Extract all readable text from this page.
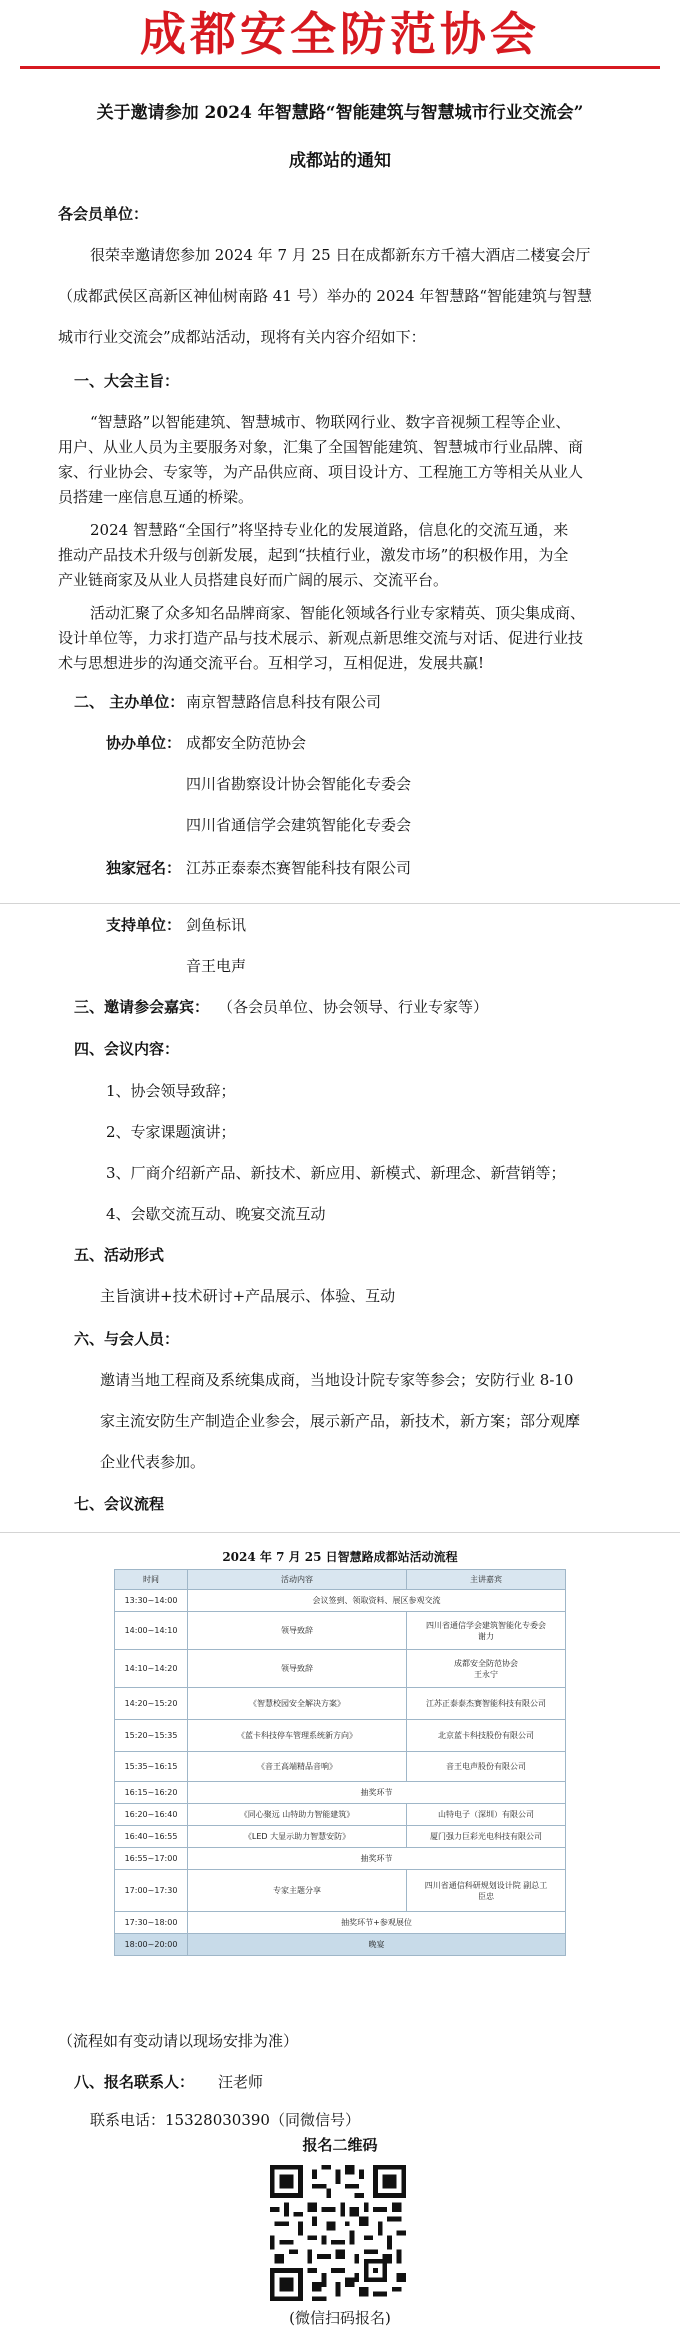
成都安全防范协会
关于邀请参加 2024 年智慧路“智能建筑与智慧城市行业交流会”
成都站的通知
各会员单位：
很荣幸邀请您参加 2024 年 7 月 25 日在成都新东方千禧大酒店二楼宴会厅
（成都武侯区高新区神仙树南路 41 号）举办的 2024 年智慧路“智能建筑与智慧
城市行业交流会”成都站活动，现将有关内容介绍如下：
一、大会主旨：
“智慧路”以智能建筑、智慧城市、物联网行业、数字音视频工程等企业、
用户、从业人员为主要服务对象，汇集了全国智能建筑、智慧城市行业品牌、商
家、行业协会、专家等，为产品供应商、项目设计方、工程施工方等相关从业人
员搭建一座信息互通的桥梁。
2024 智慧路“全国行”将坚持专业化的发展道路，信息化的交流互通，来
推动产品技术升级与创新发展，起到“扶植行业，激发市场”的积极作用，为全
产业链商家及从业人员搭建良好而广阔的展示、交流平台。
活动汇聚了众多知名品牌商家、智能化领域各行业专家精英、顶尖集成商、
设计单位等，力求打造产品与技术展示、新观点新思维交流与对话、促进行业技
术与思想进步的沟通交流平台。互相学习，互相促进，发展共赢!
二、 主办单位： 南京智慧路信息科技有限公司
协办单位： 成都安全防范协会
四川省勘察设计协会智能化专委会
四川省通信学会建筑智能化专委会
独家冠名： 江苏正泰泰杰赛智能科技有限公司
支持单位： 剑鱼标讯
音王电声
三、邀请参会嘉宾： （各会员单位、协会领导、行业专家等）
四、会议内容：
1、协会领导致辞；
2、专家课题演讲；
3、厂商介绍新产品、新技术、新应用、新模式、新理念、新营销等；
4、会歇交流互动、晚宴交流互动
五、活动形式
主旨演讲+技术研讨+产品展示、体验、互动
六、与会人员：
邀请当地工程商及系统集成商，当地设计院专家等参会；安防行业 8-10
家主流安防生产制造企业参会，展示新产品，新技术，新方案；部分观摩
企业代表参加。
七、会议流程
2024 年 7 月 25 日智慧路成都站活动流程
时间	活动内容	主讲嘉宾
13:30~14:00	会议签到、领取资料、展区参观交流	
14:00~14:10	领导致辞	四川省通信学会建筑智能化专委会
谢力

14:10~14:20	领导致辞	成都安全防范协会
王永宁

14:20~15:20	《智慧校园安全解决方案》	江苏正泰泰杰赛智能科技有限公司
15:20~15:35	《蓝卡科技停车管理系统新方向》	北京蓝卡科技股份有限公司
15:35~16:15	《音王高端精品音响》	音王电声股份有限公司
16:15~16:20	抽奖环节	
16:20~16:40	《同心聚远 山特助力智能建筑》	山特电子（深圳）有限公司
16:40~16:55	《LED 大显示助力智慧安防》	厦门强力巨彩光电科技有限公司
16:55~17:00	抽奖环节	
17:00~17:30	专家主题分享	四川省通信科研规划设计院 副总工
臣忠

17:30~18:00	抽奖环节+参观展位	
18:00~20:00	晚宴	
（流程如有变动请以现场安排为准）
八、报名联系人： 汪老师
联系电话：15328030390（同微信号）
报名二维码
(微信扫码报名)
